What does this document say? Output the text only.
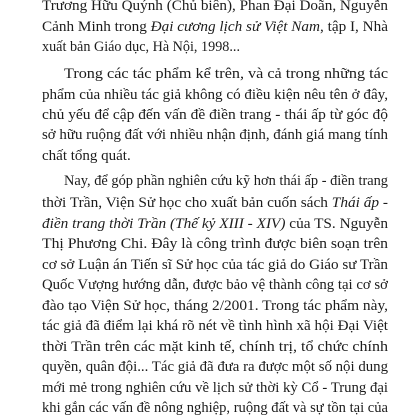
Trương Hữu Quýnh (Chủ biên), Phan Đại Doãn, Nguyễn
Cảnh Minh trong Đại cương lịch sử Việt Nam, tập I, Nhà
xuất bản Giáo dục, Hà Nội, 1998...
Trong các tác phẩm kể trên, và cả trong những tác
phẩm của nhiều tác giả không có điều kiện nêu tên ở đây,
chủ yếu để cập đến vấn đề điền trang - thái ấp từ góc độ
sở hữu ruộng đất với nhiều nhận định, đánh giá mang tính
chất tổng quát.
Nay, để góp phần nghiên cứu kỹ hơn thái ấp - điền trang
thời Trần, Viện Sử học cho xuất bản cuốn sách Thái ấp -
điền trang thời Trần (Thế kỷ XIII - XIV) của TS. Nguyễn
Thị Phương Chi. Đây là công trình được biên soạn trên
cơ sở Luận án Tiến sĩ Sử học của tác giả do Giáo sư Trần
Quốc Vượng hướng dẫn, được bảo vệ thành công tại cơ sở
đào tạo Viện Sử học, tháng 2/2001. Trong tác phẩm này,
tác giả đã điểm lại khá rõ nét về tình hình xã hội Đại Việt
thời Trần trên các mặt kinh tế, chính trị, tổ chức chính
quyền, quân đội... Tác giả đã đưa ra được một số nội dung
mới mẻ trong nghiên cứu về lịch sử thời kỳ Cổ - Trung đại
khi gắn các vấn đề nông nghiệp, ruộng đất và sự tồn tại của
